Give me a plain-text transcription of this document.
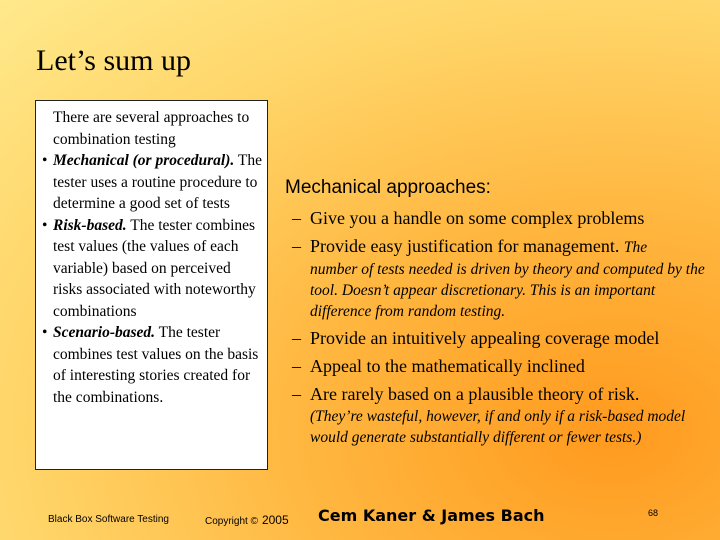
Let’s sum up

There are several approaches to combination testing

• Mechanical (or procedural). The tester uses a routine procedure to determine a good set of tests

• Risk-based. The tester combines test values (the values of each variable) based on perceived risks associated with noteworthy combinations

• Scenario-based. The tester combines test values on the basis of interesting stories created for the combinations.

Mechanical approaches:

– Give you a handle on some complex problems

– Provide easy justification for management. The

number of tests needed is driven by theory and computed by the tool. Doesn’t appear discretionary. This is an important difference from random testing.

– Provide an intuitively appealing coverage model

– Appeal to the mathematically inclined

– Are rarely based on a plausible theory of risk.

(They’re wasteful, however, if and only if a risk-based model would generate substantially different or fewer tests.)

Black Box Software Testing	Copyright © 2005 Cem Kaner & James Bach	68
